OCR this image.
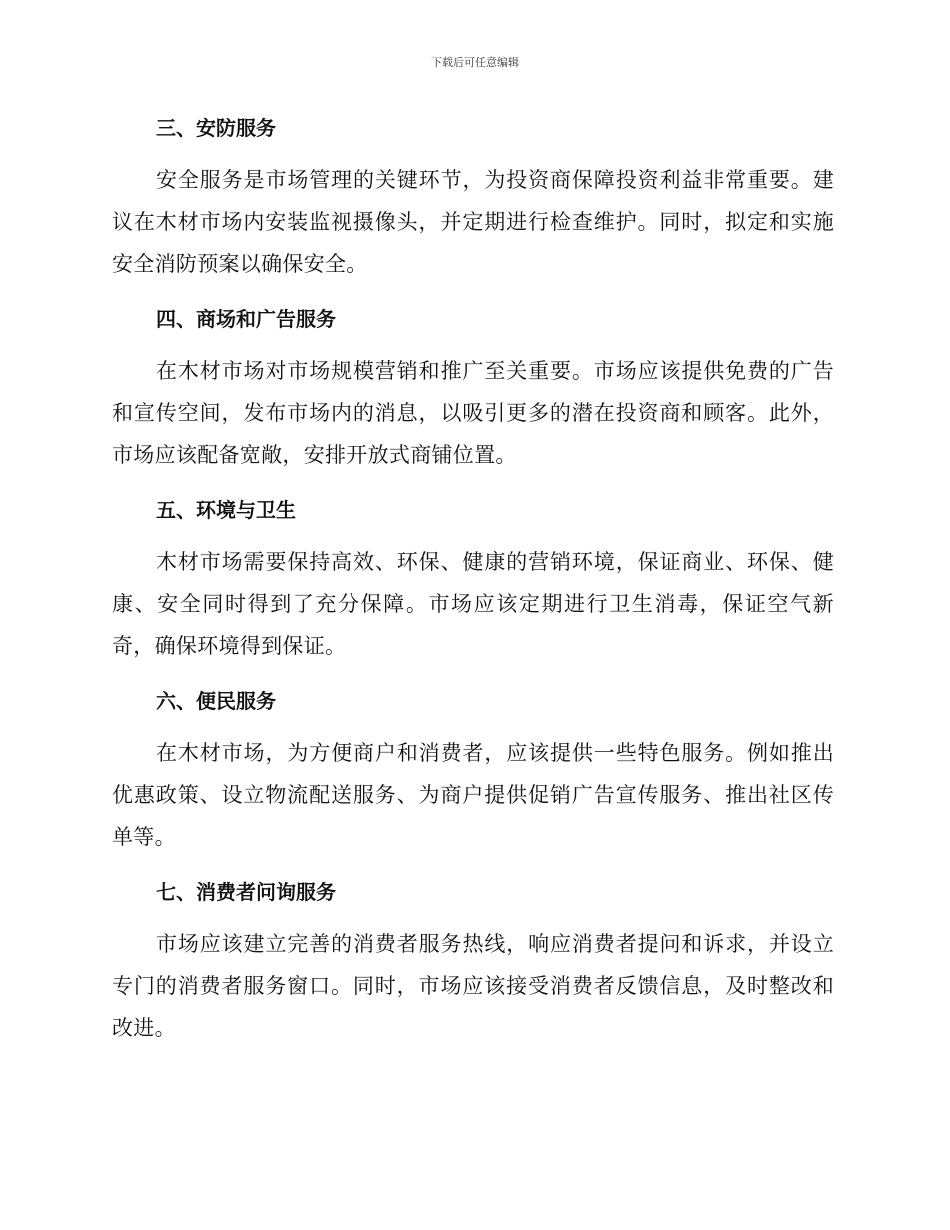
下载后可任意编辑
三、安防服务

安全服务是市场管理的关键环节，为投资商保障投资利益非常重要。建议在木材市场内安装监视摄像头，并定期进行检查维护。同时，拟定和实施安全消防预案以确保安全。

四、商场和广告服务

在木材市场对市场规模营销和推广至关重要。市场应该提供免费的广告和宣传空间，发布市场内的消息，以吸引更多的潜在投资商和顾客。此外，市场应该配备宽敞，安排开放式商铺位置。

五、环境与卫生

木材市场需要保持高效、环保、健康的营销环境，保证商业、环保、健康、安全同时得到了充分保障。市场应该定期进行卫生消毒，保证空气新奇，确保环境得到保证。

六、便民服务

在木材市场，为方便商户和消费者，应该提供一些特色服务。例如推出优惠政策、设立物流配送服务、为商户提供促销广告宣传服务、推出社区传单等。

七、消费者问询服务

市场应该建立完善的消费者服务热线，响应消费者提问和诉求，并设立专门的消费者服务窗口。同时，市场应该接受消费者反馈信息，及时整改和改进。
